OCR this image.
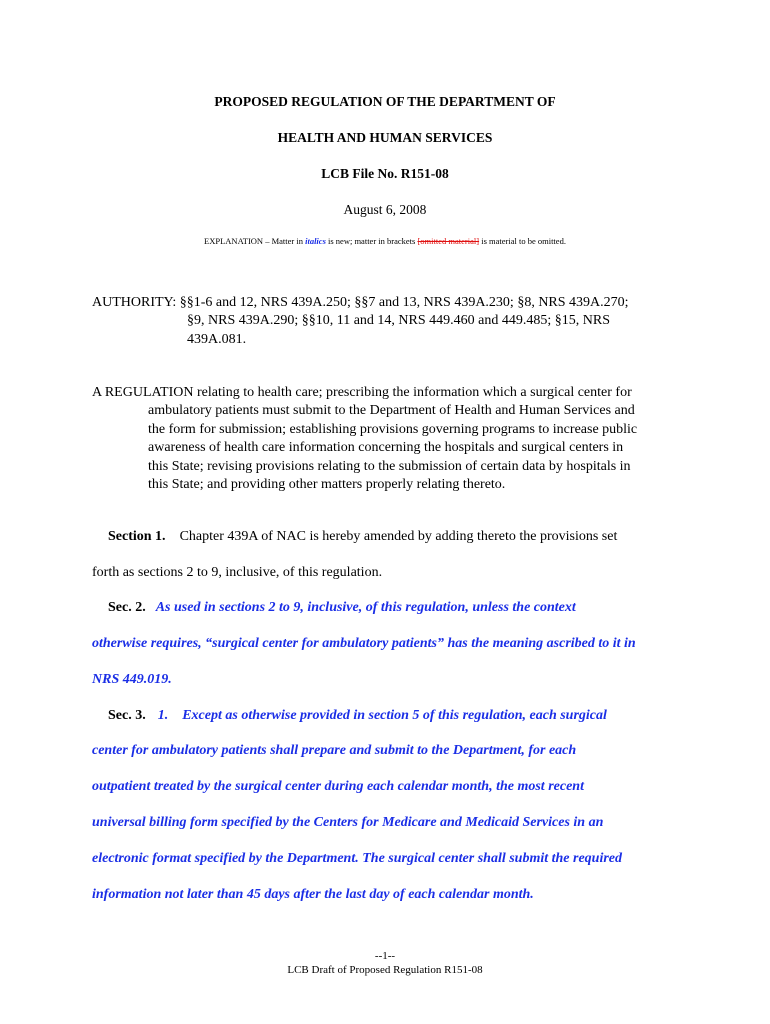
PROPOSED REGULATION OF THE DEPARTMENT OF
HEALTH AND HUMAN SERVICES
LCB File No. R151-08
August 6, 2008
EXPLANATION – Matter in italics is new; matter in brackets [omitted material] is material to be omitted.
AUTHORITY: §§1-6 and 12, NRS 439A.250; §§7 and 13, NRS 439A.230; §8, NRS 439A.270;
§9, NRS 439A.290; §§10, 11 and 14, NRS 449.460 and 449.485; §15, NRS
439A.081.
A REGULATION relating to health care; prescribing the information which a surgical center for
ambulatory patients must submit to the Department of Health and Human Services and
the form for submission; establishing provisions governing programs to increase public
awareness of health care information concerning the hospitals and surgical centers in
this State; revising provisions relating to the submission of certain data by hospitals in
this State; and providing other matters properly relating thereto.
Section 1. Chapter 439A of NAC is hereby amended by adding thereto the provisions set
forth as sections 2 to 9, inclusive, of this regulation.
Sec. 2. As used in sections 2 to 9, inclusive, of this regulation, unless the context
otherwise requires, “surgical center for ambulatory patients” has the meaning ascribed to it in
NRS 449.019.
Sec. 3. 1. Except as otherwise provided in section 5 of this regulation, each surgical
center for ambulatory patients shall prepare and submit to the Department, for each
outpatient treated by the surgical center during each calendar month, the most recent
universal billing form specified by the Centers for Medicare and Medicaid Services in an
electronic format specified by the Department. The surgical center shall submit the required
information not later than 45 days after the last day of each calendar month.
--1--
LCB Draft of Proposed Regulation R151-08
